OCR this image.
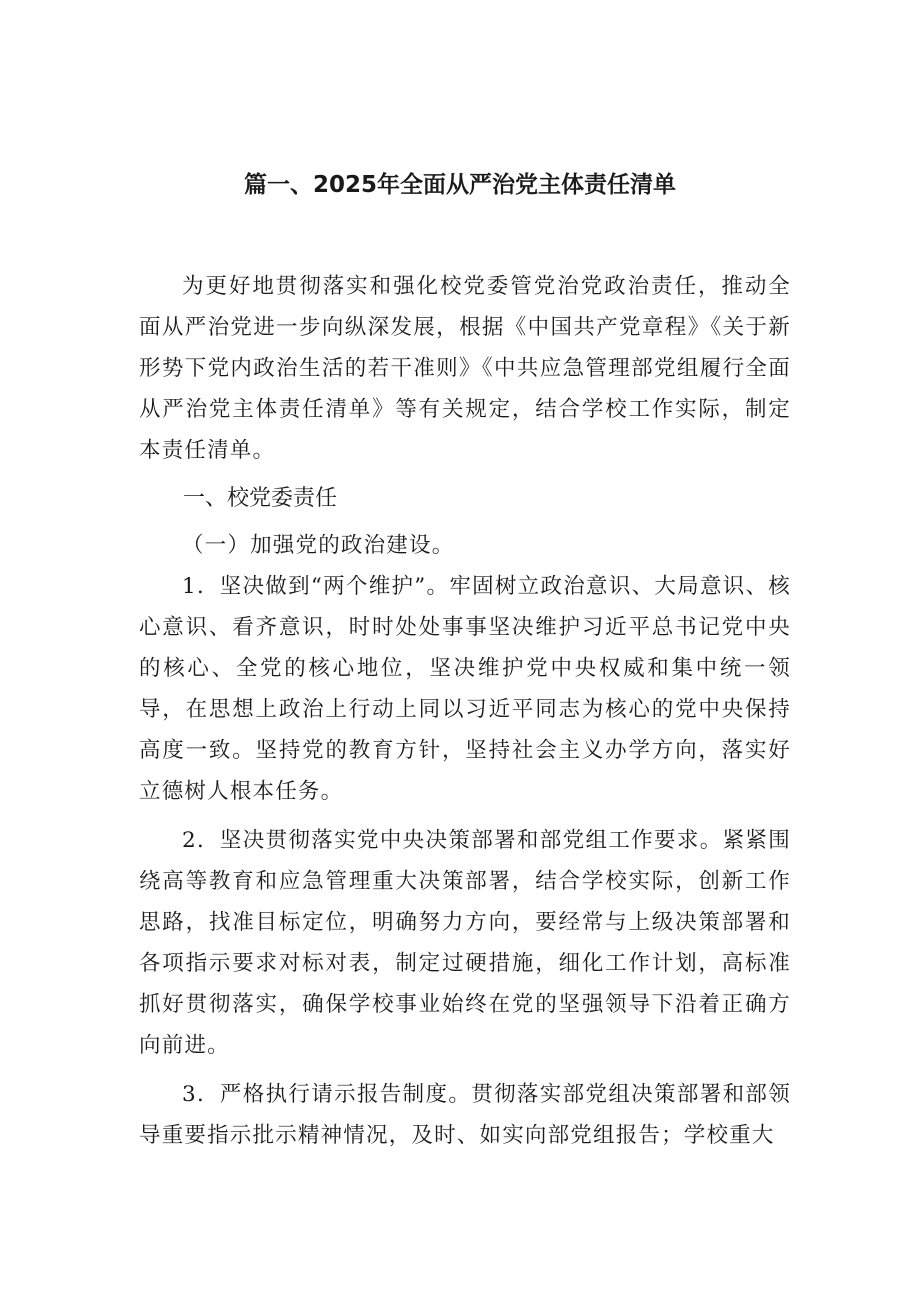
篇一、2025年全面从严治党主体责任清单

为更好地贯彻落实和强化校党委管党治党政治责任，推动全面从严治党进一步向纵深发展，根据《中国共产党章程》《关于新形势下党内政治生活的若干准则》《中共应急管理部党组履行全面从严治党主体责任清单》等有关规定，结合学校工作实际，制定本责任清单。

一、校党委责任
（一）加强党的政治建设。

1．坚决做到“两个维护”。牢固树立政治意识、大局意识、核心意识、看齐意识，时时处处事事坚决维护习近平总书记党中央的核心、全党的核心地位，坚决维护党中央权威和集中统一领导，在思想上政治上行动上同以习近平同志为核心的党中央保持高度一致。坚持党的教育方针，坚持社会主义办学方向，落实好立德树人根本任务。

2．坚决贯彻落实党中央决策部署和部党组工作要求。紧紧围绕高等教育和应急管理重大决策部署，结合学校实际，创新工作思路，找准目标定位，明确努力方向，要经常与上级决策部署和各项指示要求对标对表，制定过硬措施，细化工作计划，高标准抓好贯彻落实，确保学校事业始终在党的坚强领导下沿着正确方向前进。

3．严格执行请示报告制度。贯彻落实部党组决策部署和部领导重要指示批示精神情况，及时、如实向部党组报告；学校重大
